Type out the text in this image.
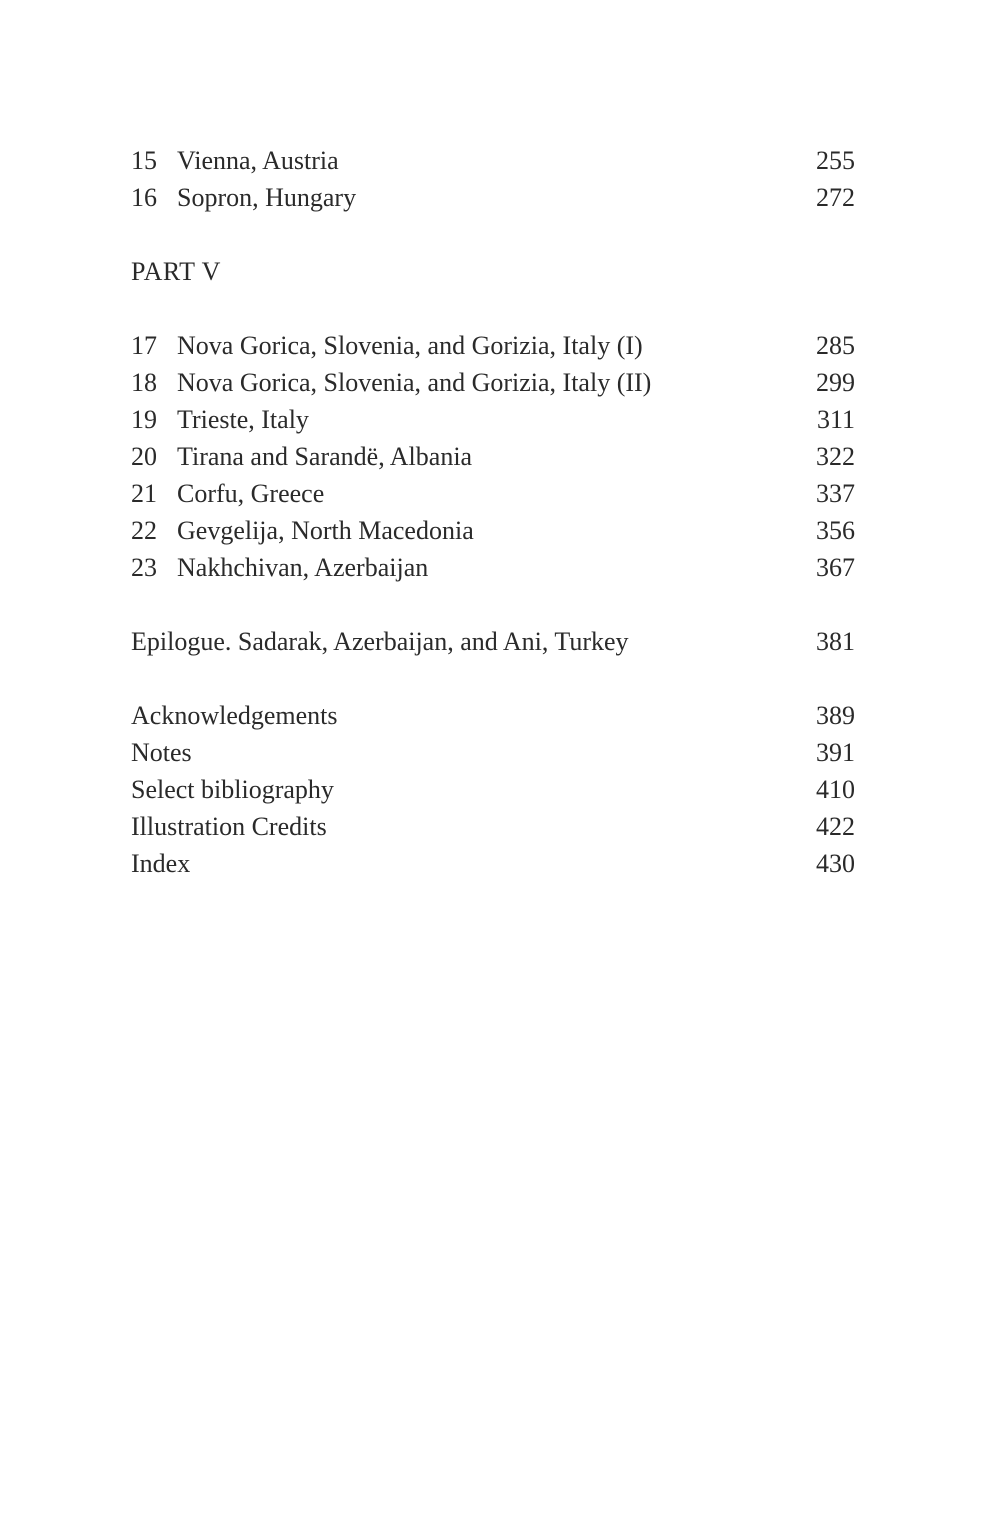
15 Vienna, Austria	255
16 Sopron, Hungary	272
PART V
17 Nova Gorica, Slovenia, and Gorizia, Italy (I)	285
18 Nova Gorica, Slovenia, and Gorizia, Italy (II)	299
19 Trieste, Italy	311
20 Tirana and Sarandë, Albania	322
21 Corfu, Greece	337
22 Gevgelija, North Macedonia	356
23 Nakhchivan, Azerbaijan	367
Epilogue. Sadarak, Azerbaijan, and Ani, Turkey	381
Acknowledgements	389
Notes	391
Select bibliography	410
Illustration Credits	422
Index	430
